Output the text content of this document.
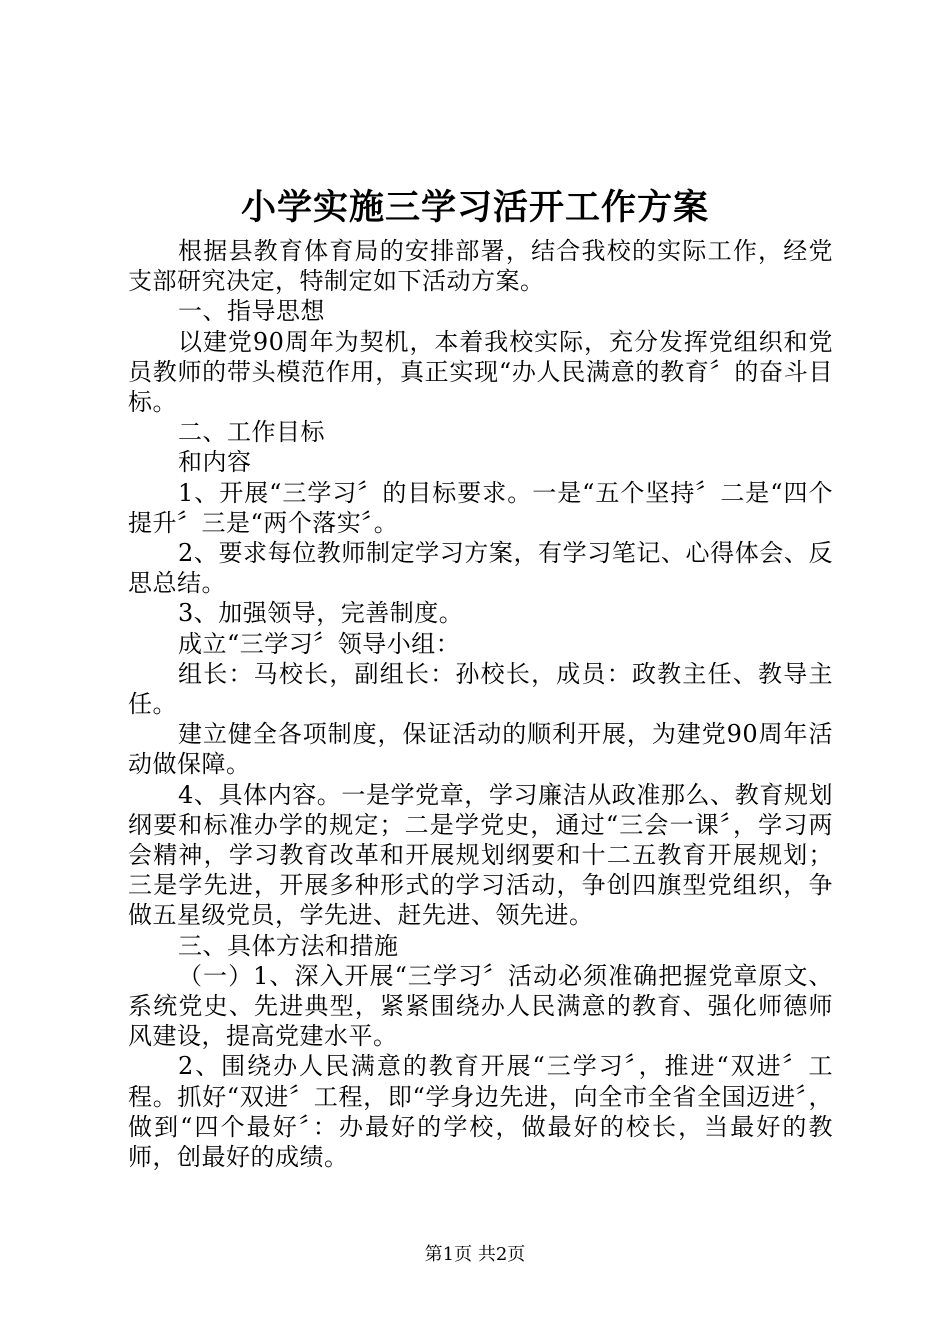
小学实施三学习活开工作方案

根据县教育体育局的安排部署，结合我校的实际工作，经党支部研究决定，特制定如下活动方案。

一、指导思想

以建党90周年为契机，本着我校实际，充分发挥党组织和党员教师的带头模范作用，真正实现“办人民满意的教育〞的奋斗目标。

二、工作目标

和内容

1、开展“三学习〞的目标要求。一是“五个坚持〞二是“四个提升〞三是“两个落实〞。

2、要求每位教师制定学习方案，有学习笔记、心得体会、反思总结。

3、加强领导，完善制度。

成立“三学习〞领导小组：

组长：马校长，副组长：孙校长，成员：政教主任、教导主任。

建立健全各项制度，保证活动的顺利开展，为建党90周年活动做保障。

4、具体内容。一是学党章，学习廉洁从政准那么、教育规划纲要和标准办学的规定；二是学党史，通过“三会一课〞，学习两会精神，学习教育改革和开展规划纲要和十二五教育开展规划；三是学先进，开展多种形式的学习活动，争创四旗型党组织，争做五星级党员，学先进、赶先进、领先进。

三、具体方法和措施

（一）1、深入开展“三学习〞活动必须准确把握党章原文、系统党史、先进典型，紧紧围绕办人民满意的教育、强化师德师风建设，提高党建水平。

2、围绕办人民满意的教育开展“三学习〞，推进“双进〞工程。抓好“双进〞工程，即“学身边先进，向全市全省全国迈进〞，做到“四个最好〞：办最好的学校，做最好的校长，当最好的教师，创最好的成绩。

第1页 共2页
